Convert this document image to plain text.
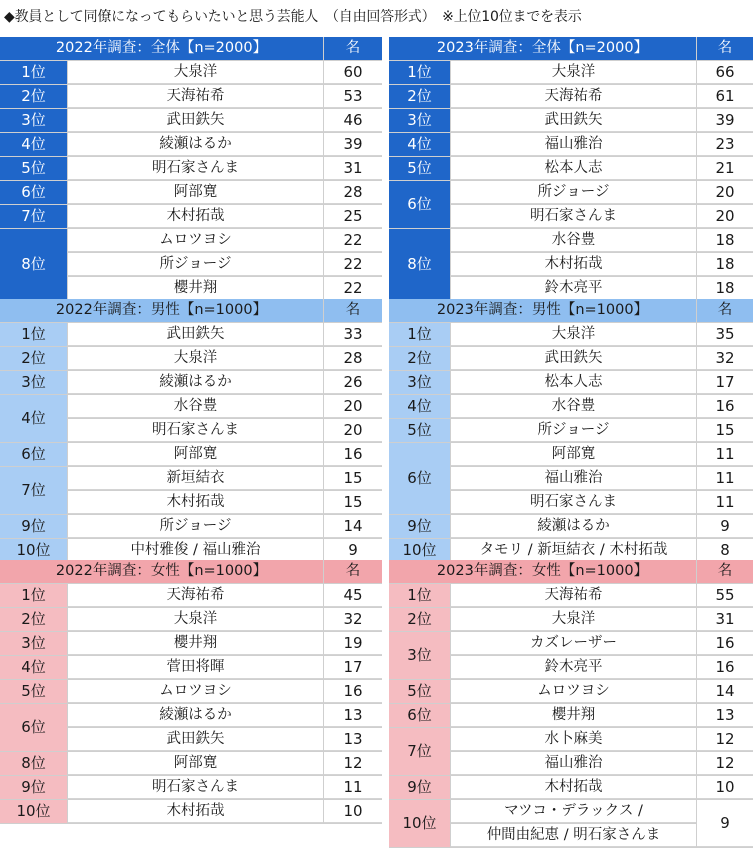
◆教員として同僚になってもらいたいと思う芸能人　（自由回答形式）　※上位10位までを表示
2022年調査：全体【n=2000】	名
1位	大泉洋	60
2位	天海祐希	53
3位	武田鉄矢	46
4位	綾瀬はるか	39
5位	明石家さんま	31
6位	阿部寛	28
7位	木村拓哉	25
8位
ムロツヨシ	22
所ジョージ	22
櫻井翔	22
2023年調査：全体【n=2000】	名
1位	大泉洋	66
2位	天海祐希	61
3位	武田鉄矢	39
4位	福山雅治	23
5位	松本人志	21
6位
所ジョージ	20
明石家さんま	20
8位
水谷豊	18
木村拓哉	18
鈴木亮平	18
2022年調査：男性【n=1000】	名
1位	武田鉄矢	33
2位	大泉洋	28
3位	綾瀬はるか	26
4位
水谷豊	20
明石家さんま	20
6位	阿部寛	16
7位
新垣結衣	15
木村拓哉	15
9位	所ジョージ	14
10位	中村雅俊 / 福山雅治	9
2023年調査：男性【n=1000】	名
1位	大泉洋	35
2位	武田鉄矢	32
3位	松本人志	17
4位	水谷豊	16
5位	所ジョージ	15
6位
阿部寛	11
福山雅治	11
明石家さんま	11
9位	綾瀬はるか	9
10位	タモリ / 新垣結衣 / 木村拓哉	8
2022年調査：女性【n=1000】	名
1位	天海祐希	45
2位	大泉洋	32
3位	櫻井翔	19
4位	菅田将暉	17
5位	ムロツヨシ	16
6位
綾瀬はるか	13
武田鉄矢	13
8位	阿部寛	12
9位	明石家さんま	11
10位	木村拓哉	10
2023年調査：女性【n=1000】	名
1位	天海祐希	55
2位	大泉洋	31
3位
カズレーザー	16
鈴木亮平	16
5位	ムロツヨシ	14
6位	櫻井翔	13
7位
水卜麻美	12
福山雅治	12
9位	木村拓哉	10
10位
マツコ・デラックス /
仲間由紀恵 / 明石家さんま
9
